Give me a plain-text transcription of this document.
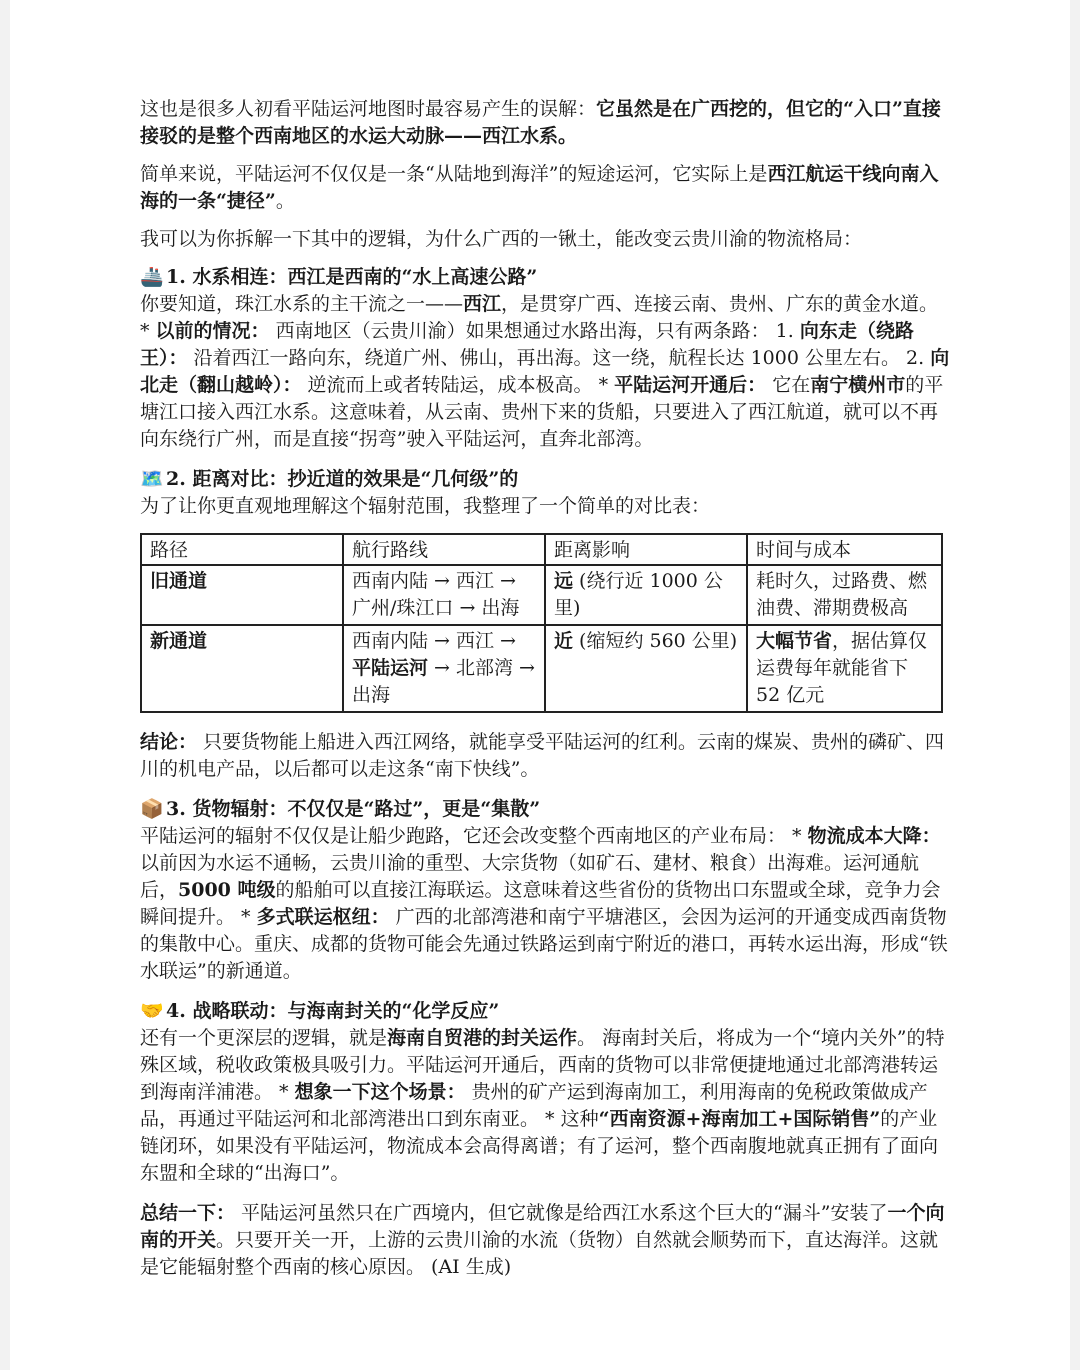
这也是很多人初看平陆运河地图时最容易产生的误解：它虽然是在广西挖的，但它的“入口”直接接驳的是整个西南地区的水运大动脉——西江水系。

简单来说，平陆运河不仅仅是一条“从陆地到海洋”的短途运河，它实际上是西江航运干线向南入海的一条“捷径”。

我可以为你拆解一下其中的逻辑，为什么广西的一锹土，能改变云贵川渝的物流格局：

🚢 1. 水系相连：西江是西南的“水上高速公路”

你要知道，珠江水系的主干流之一——西江，是贯穿广西、连接云南、贵州、广东的黄金水道。 * 以前的情况： 西南地区（云贵川渝）如果想通过水路出海，只有两条路： 1. 向东走（绕路王）： 沿着西江一路向东，绕道广州、佛山，再出海。这一绕，航程长达 1000 公里左右。 2. 向北走（翻山越岭）： 逆流而上或者转陆运，成本极高。 * 平陆运河开通后： 它在南宁横州市的平塘江口接入西江水系。这意味着，从云南、贵州下来的货船，只要进入了西江航道，就可以不再向东绕行广州，而是直接“拐弯”驶入平陆运河，直奔北部湾。

🗺️ 2. 距离对比：抄近道的效果是“几何级”的

为了让你更直观地理解这个辐射范围，我整理了一个简单的对比表：

路径	航行路线	距离影响	时间与成本
旧通道	西南内陆 → 西江 → 广州/珠江口 → 出海	远 (绕行近 1000 公里)	耗时久，过路费、燃油费、滞期费极高
新通道	西南内陆 → 西江 → 平陆运河 → 北部湾 → 出海	近 (缩短约 560 公里)	大幅节省，据估算仅运费每年就能省下 52 亿元

结论： 只要货物能上船进入西江网络，就能享受平陆运河的红利。云南的煤炭、贵州的磷矿、四川的机电产品，以后都可以走这条“南下快线”。

📦 3. 货物辐射：不仅仅是“路过”，更是“集散”

平陆运河的辐射不仅仅是让船少跑路，它还会改变整个西南地区的产业布局： * 物流成本大降： 以前因为水运不通畅，云贵川渝的重型、大宗货物（如矿石、建材、粮食）出海难。运河通航后，5000 吨级的船舶可以直接江海联运。这意味着这些省份的货物出口东盟或全球，竞争力会瞬间提升。 * 多式联运枢纽： 广西的北部湾港和南宁平塘港区，会因为运河的开通变成西南货物的集散中心。重庆、成都的货物可能会先通过铁路运到南宁附近的港口，再转水运出海，形成“铁水联运”的新通道。

🤝 4. 战略联动：与海南封关的“化学反应”

还有一个更深层的逻辑，就是海南自贸港的封关运作。 海南封关后，将成为一个“境内关外”的特殊区域，税收政策极具吸引力。平陆运河开通后，西南的货物可以非常便捷地通过北部湾港转运到海南洋浦港。 * 想象一下这个场景： 贵州的矿产运到海南加工，利用海南的免税政策做成产品，再通过平陆运河和北部湾港出口到东南亚。 * 这种“西南资源+海南加工+国际销售”的产业链闭环，如果没有平陆运河，物流成本会高得离谱；有了运河，整个西南腹地就真正拥有了面向东盟和全球的“出海口”。

总结一下： 平陆运河虽然只在广西境内，但它就像是给西江水系这个巨大的“漏斗”安装了一个向南的开关。只要开关一开，上游的云贵川渝的水流（货物）自然就会顺势而下，直达海洋。这就是它能辐射整个西南的核心原因。 (AI 生成)
